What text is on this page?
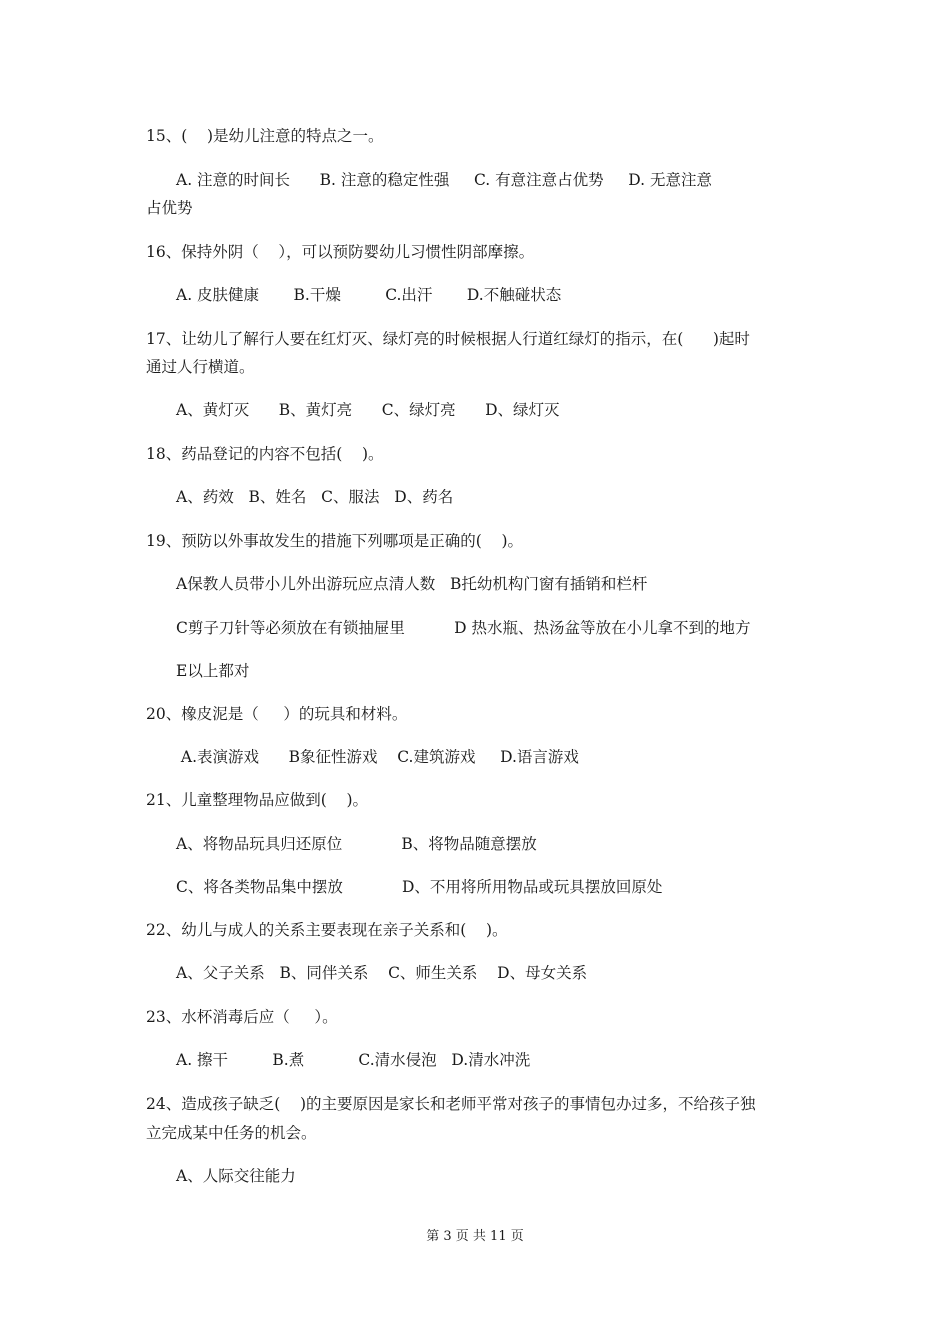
15、(    )是幼儿注意的特点之一。
A. 注意的时间长      B. 注意的稳定性强     C. 有意注意占优势     D. 无意注意
占优势
16、保持外阴（    ），可以预防婴幼儿习惯性阴部摩擦。
A. 皮肤健康       B.干燥         C.出汗       D.不触碰状态
17、让幼儿了解行人要在红灯灭、绿灯亮的时候根据人行道红绿灯的指示，在(      )起时
通过人行横道。
A、黄灯灭      B、黄灯亮      C、绿灯亮      D、绿灯灭
18、药品登记的内容不包括(    )。
A、药效   B、姓名   C、服法   D、药名
19、预防以外事故发生的措施下列哪项是正确的(    )。
A保教人员带小儿外出游玩应点清人数   B托幼机构门窗有插销和栏杆
C剪子刀针等必须放在有锁抽屉里          D 热水瓶、热汤盆等放在小儿拿不到的地方
E以上都对
20、橡皮泥是（     ）的玩具和材料。
A.表演游戏      B象征性游戏    C.建筑游戏     D.语言游戏
21、儿童整理物品应做到(    )。
A、将物品玩具归还原位            B、将物品随意摆放
C、将各类物品集中摆放            D、不用将所用物品或玩具摆放回原处
22、幼儿与成人的关系主要表现在亲子关系和(    )。
A、父子关系   B、同伴关系    C、师生关系    D、母女关系
23、水杯消毒后应（     ）。
A. 擦干         B.煮           C.清水侵泡   D.清水冲洗
24、造成孩子缺乏(    )的主要原因是家长和老师平常对孩子的事情包办过多，不给孩子独
立完成某中任务的机会。
A、人际交往能力
第 3 页 共 11 页
